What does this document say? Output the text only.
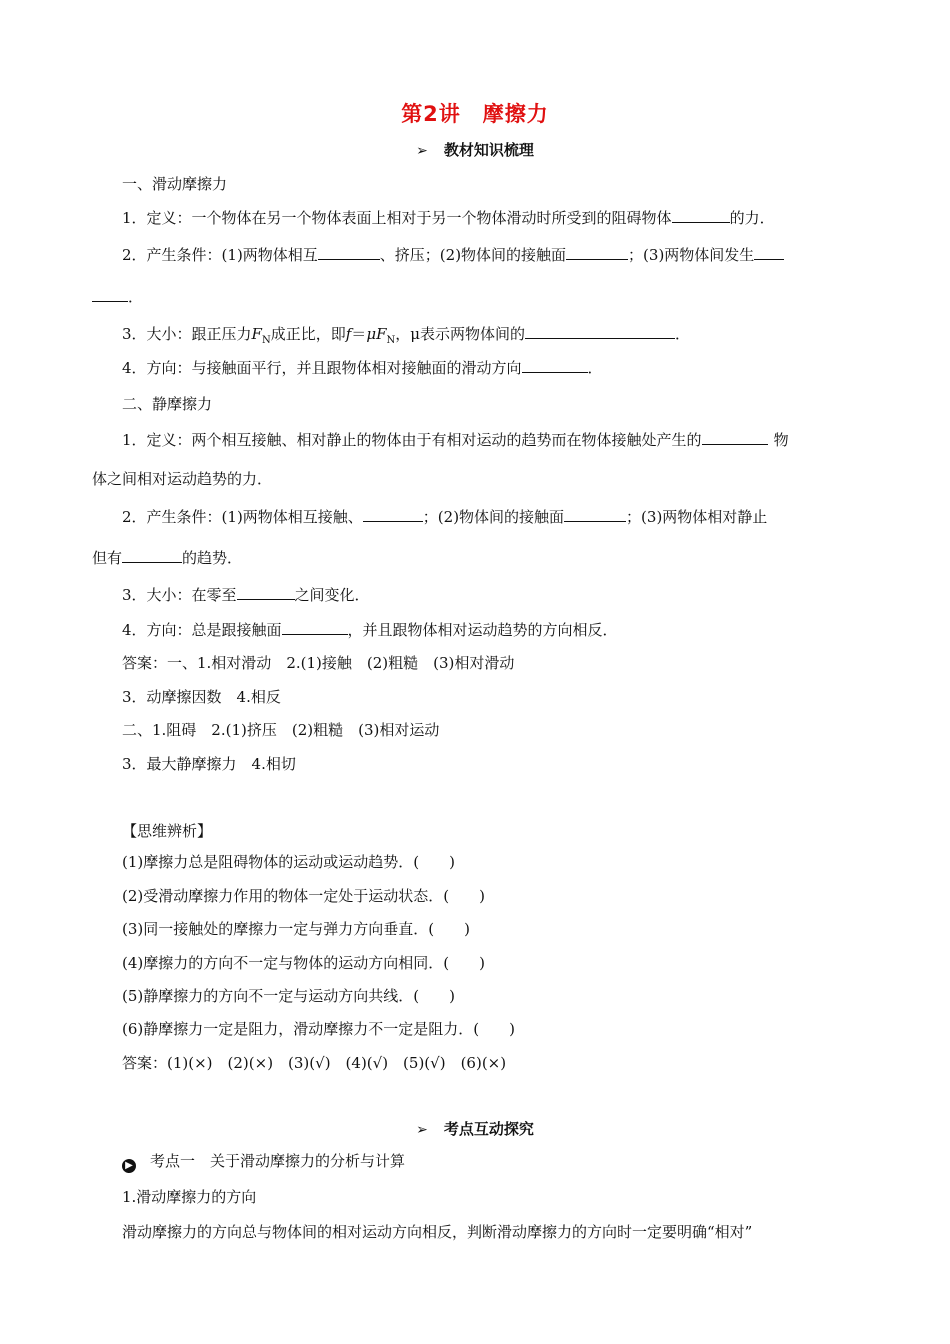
第2讲　摩擦力
➢ 教材知识梳理
一、滑动摩擦力
1．定义：一个物体在另一个物体表面上相对于另一个物体滑动时所受到的阻碍物体	的力．
2．产生条件：(1)两物体相互	、挤压；(2)物体间的接触面	；(3)两物体间发生
．
3．大小：跟正压力$F_N$成正比，即$f=\mu F_N$，μ表示两物体间的	．
4．方向：与接触面平行，并且跟物体相对接触面的滑动方向	．
二、静摩擦力
1．定义：两个相互接触、相对静止的物体由于有相对运动的趋势而在物体接触处产生的	物
体之间相对运动趋势的力．
2．产生条件：(1)两物体相互接触、	；(2)物体间的接触面	；(3)两物体相对静止
但有	的趋势．
3．大小：在零至	之间变化．
4．方向：总是跟接触面	，并且跟物体相对运动趋势的方向相反．
答案：一、1.相对滑动　2.(1)接触　(2)粗糙　(3)相对滑动
3．动摩擦因数　4.相反
二、1.阻碍　2.(1)挤压　(2)粗糙　(3)相对运动
3．最大静摩擦力　4.相切
【思维辨析】
(1)摩擦力总是阻碍物体的运动或运动趋势．(　　)
(2)受滑动摩擦力作用的物体一定处于运动状态．(　　)
(3)同一接触处的摩擦力一定与弹力方向垂直．(　　)
(4)摩擦力的方向不一定与物体的运动方向相同．(　　)
(5)静摩擦力的方向不一定与运动方向共线．(　　)
(6)静摩擦力一定是阻力，滑动摩擦力不一定是阻力．(　　)
答案：(1)(×)　(2)(×)　(3)(√)　(4)(√)　(5)(√)　(6)(×)
➢ 考点互动探究
▶ 考点一　关于滑动摩擦力的分析与计算
1.滑动摩擦力的方向
滑动摩擦力的方向总与物体间的相对运动方向相反，判断滑动摩擦力的方向时一定要明确“相对”
